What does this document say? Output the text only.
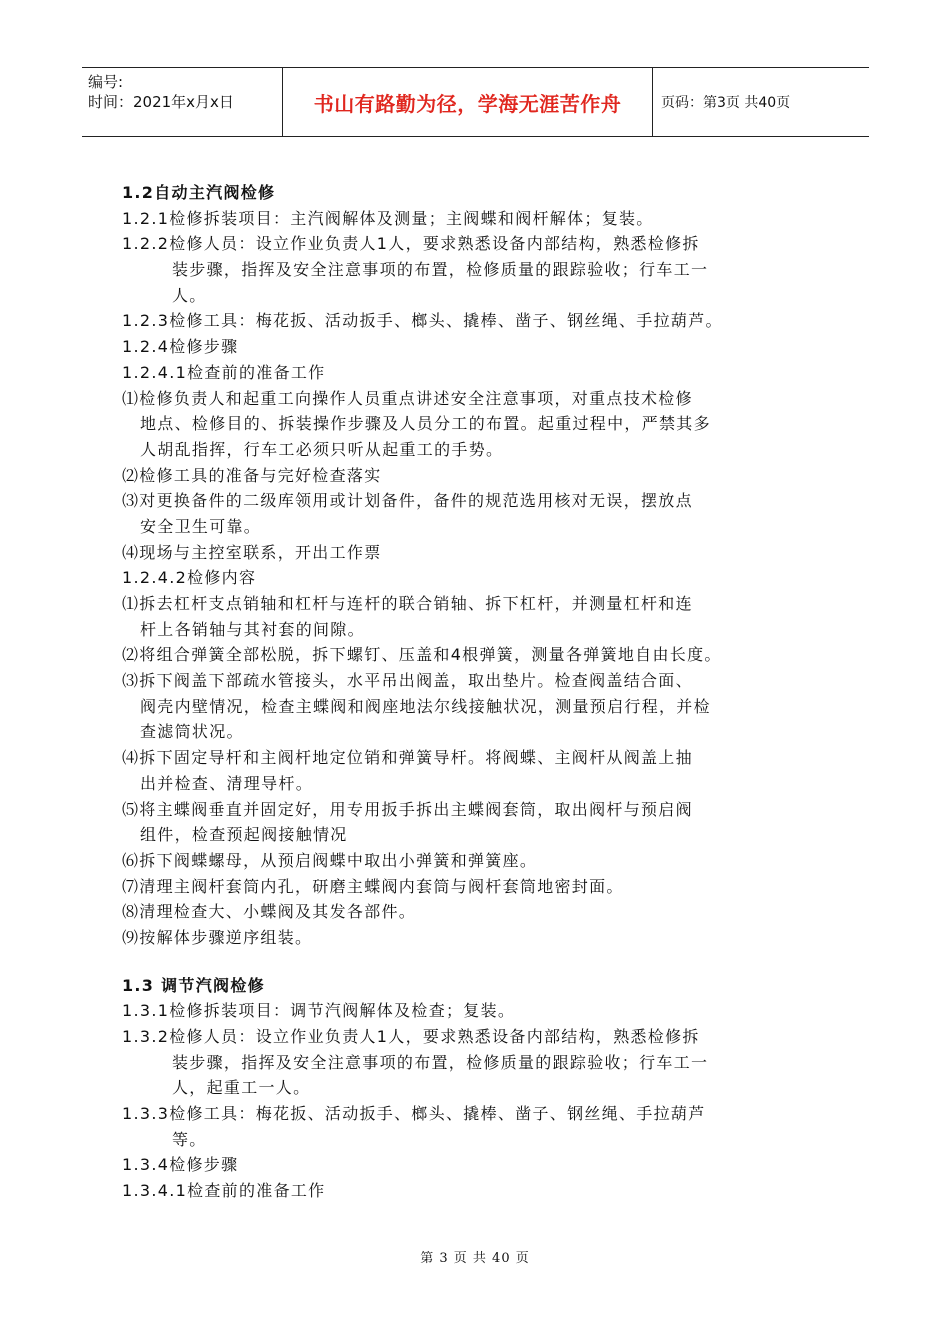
编号:
时间：2021年x月x日	书山有路勤为径，学海无涯苦作舟	页码：第3页 共40页
1.2自动主汽阀检修
1.2.1检修拆装项目：主汽阀解体及测量；主阀蝶和阀杆解体；复装。
1.2.2检修人员：设立作业负责人1人，要求熟悉设备内部结构，熟悉检修拆
装步骤，指挥及安全注意事项的布置，检修质量的跟踪验收；行车工一
人。
1.2.3检修工具：梅花扳、活动扳手、榔头、撬棒、凿子、钢丝绳、手拉葫芦。
1.2.4检修步骤
1.2.4.1检查前的准备工作
⑴检修负责人和起重工向操作人员重点讲述安全注意事项，对重点技术检修
地点、检修目的、拆装操作步骤及人员分工的布置。起重过程中，严禁其多
人胡乱指挥，行车工必须只听从起重工的手势。
⑵检修工具的准备与完好检查落实
⑶对更换备件的二级库领用或计划备件，备件的规范选用核对无误，摆放点
安全卫生可靠。
⑷现场与主控室联系，开出工作票
1.2.4.2检修内容
⑴拆去杠杆支点销轴和杠杆与连杆的联合销轴、拆下杠杆，并测量杠杆和连
杆上各销轴与其衬套的间隙。
⑵将组合弹簧全部松脱，拆下螺钉、压盖和4根弹簧，测量各弹簧地自由长度。
⑶拆下阀盖下部疏水管接头，水平吊出阀盖，取出垫片。检查阀盖结合面、
阀壳内壁情况，检查主蝶阀和阀座地法尔线接触状况，测量预启行程，并检
查滤筒状况。
⑷拆下固定导杆和主阀杆地定位销和弹簧导杆。将阀蝶、主阀杆从阀盖上抽
出并检查、清理导杆。
⑸将主蝶阀垂直并固定好，用专用扳手拆出主蝶阀套筒，取出阀杆与预启阀
组件，检查预起阀接触情况
⑹拆下阀蝶螺母，从预启阀蝶中取出小弹簧和弹簧座。
⑺清理主阀杆套筒内孔，研磨主蝶阀内套筒与阀杆套筒地密封面。
⑻清理检查大、小蝶阀及其发各部件。
⑼按解体步骤逆序组装。
1.3 调节汽阀检修
1.3.1检修拆装项目：调节汽阀解体及检查；复装。
1.3.2检修人员：设立作业负责人1人，要求熟悉设备内部结构，熟悉检修拆
装步骤，指挥及安全注意事项的布置，检修质量的跟踪验收；行车工一
人，起重工一人。
1.3.3检修工具：梅花扳、活动扳手、榔头、撬棒、凿子、钢丝绳、手拉葫芦
等。
1.3.4检修步骤
1.3.4.1检查前的准备工作
第 3 页 共 40 页
